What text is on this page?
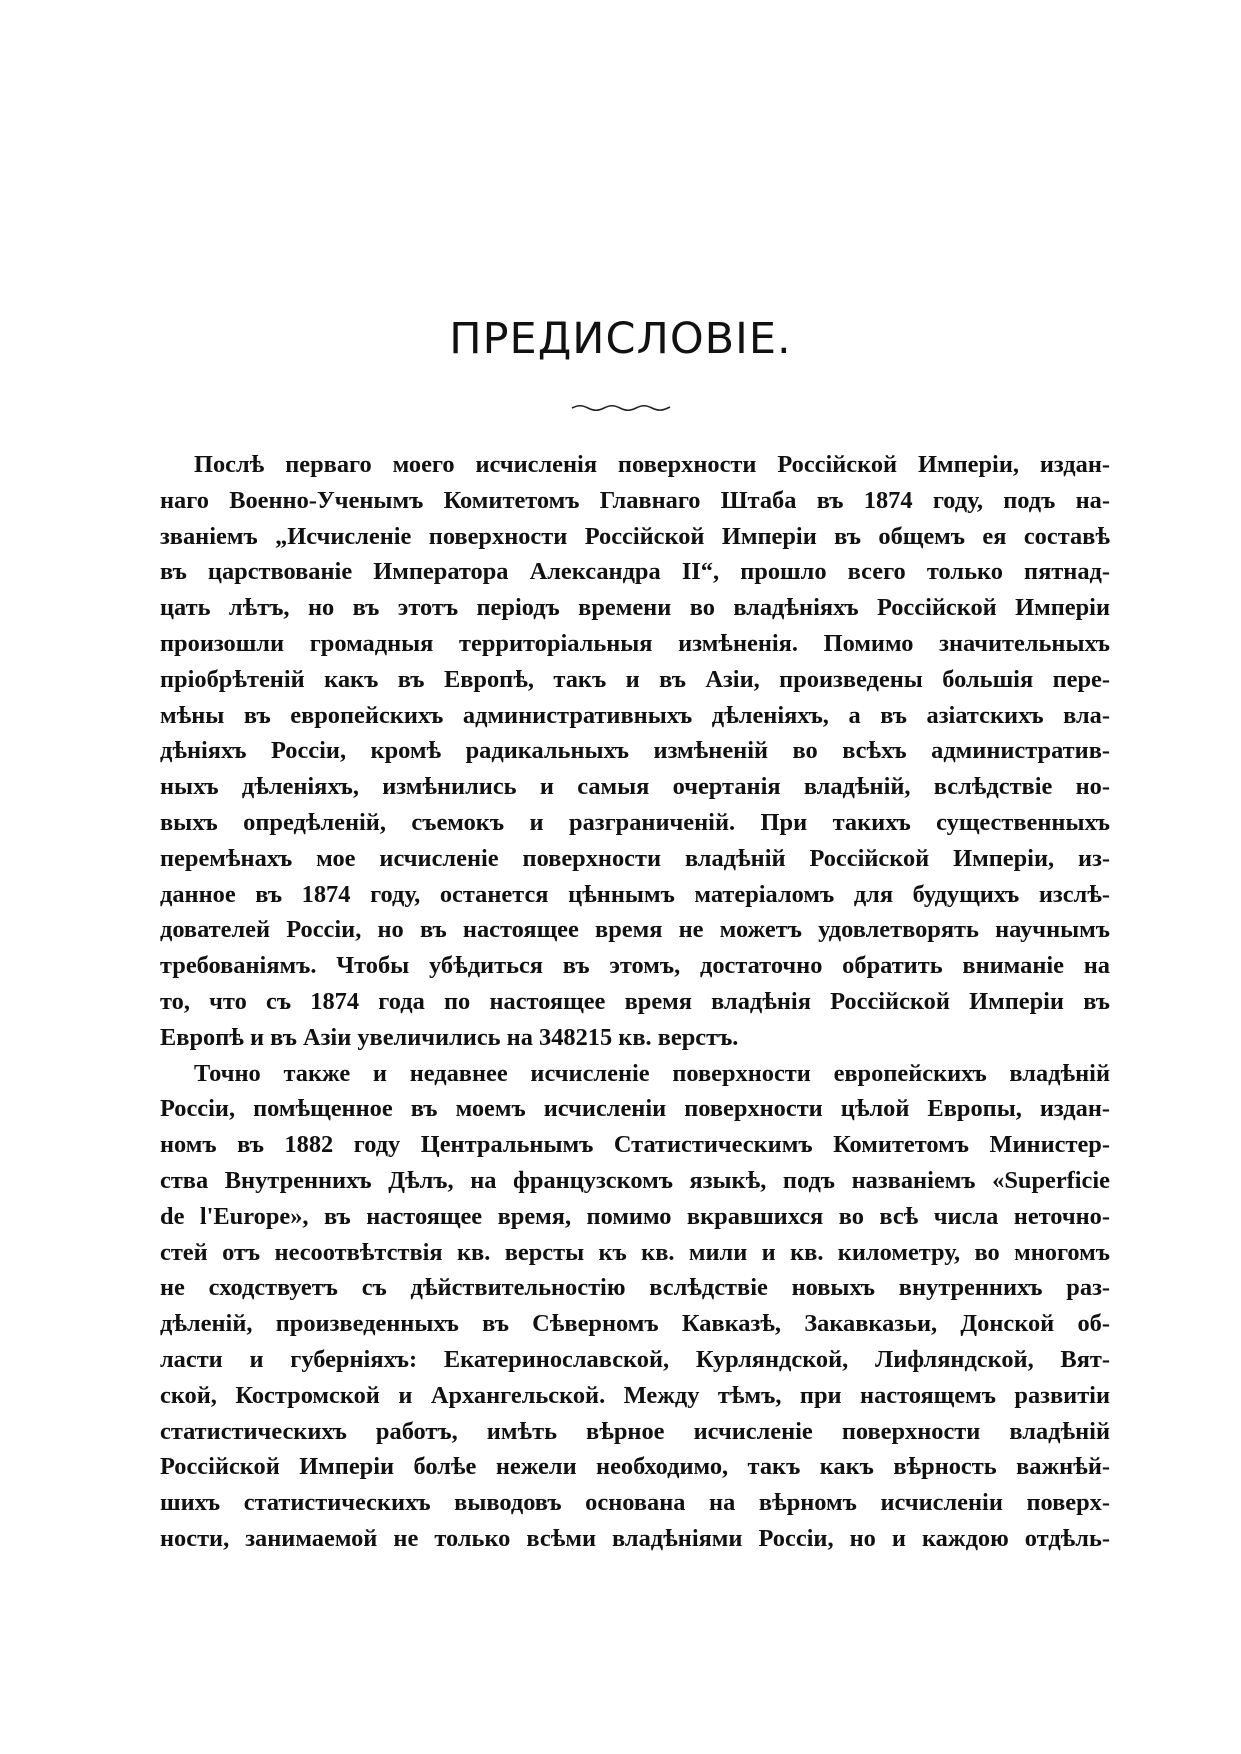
ПРЕДИСЛОВІЕ.
Послѣ перваго моего исчисленія поверхности Россійской Имперіи, издан-
наго Военно-Ученымъ Комитетомъ Главнаго Штаба въ 1874 году, подъ на-
званіемъ „Исчисленіе поверхности Россійской Имперіи въ общемъ ея составѣ
въ царствованіе Императора Александра II“, прошло всего только пятнад-
цать лѣтъ, но въ этотъ періодъ времени во владѣніяхъ Россійской Имперіи
произошли громадныя территоріальныя измѣненія. Помимо значительныхъ
пріобрѣтеній какъ въ Европѣ, такъ и въ Азіи, произведены большія пере-
мѣны въ европейскихъ административныхъ дѣленіяхъ, а въ азіатскихъ вла-
дѣніяхъ Россіи, кромѣ радикальныхъ измѣненій во всѣхъ административ-
ныхъ дѣленіяхъ, измѣнились и самыя очертанія владѣній, вслѣдствіе но-
выхъ опредѣленій, съемокъ и разграниченій. При такихъ существенныхъ
перемѣнахъ мое исчисленіе поверхности владѣній Россійской Имперіи, из-
данное въ 1874 году, останется цѣннымъ матеріаломъ для будущихъ изслѣ-
дователей Россіи, но въ настоящее время не можетъ удовлетворять научнымъ
требованіямъ. Чтобы убѣдиться въ этомъ, достаточно обратить вниманіе на
то, что съ 1874 года по настоящее время владѣнія Россійской Имперіи въ
Европѣ и въ Азіи увеличились на 348215 кв. верстъ.
Точно также и недавнее исчисленіе поверхности европейскихъ владѣній
Россіи, помѣщенное въ моемъ исчисленіи поверхности цѣлой Европы, издан-
номъ въ 1882 году Центральнымъ Статистическимъ Комитетомъ Министер-
ства Внутреннихъ Дѣлъ, на французскомъ языкѣ, подъ названіемъ «Superficie
de l'Europe», въ настоящее время, помимо вкравшихся во всѣ числа неточно-
стей отъ несоотвѣтствія кв. версты къ кв. мили и кв. километру, во многомъ
не сходствуетъ съ дѣйствительностію вслѣдствіе новыхъ внутреннихъ раз-
дѣленій, произведенныхъ въ Сѣверномъ Кавказѣ, Закавказьи, Донской об-
ласти и губерніяхъ: Екатеринославской, Курляндской, Лифляндской, Вят-
ской, Костромской и Архангельской. Между тѣмъ, при настоящемъ развитіи
статистическихъ работъ, имѣть вѣрное исчисленіе поверхности владѣній
Россійской Имперіи болѣе нежели необходимо, такъ какъ вѣрность важнѣй-
шихъ статистическихъ выводовъ основана на вѣрномъ исчисленіи поверх-
ности, занимаемой не только всѣми владѣніями Россіи, но и каждою отдѣль-
